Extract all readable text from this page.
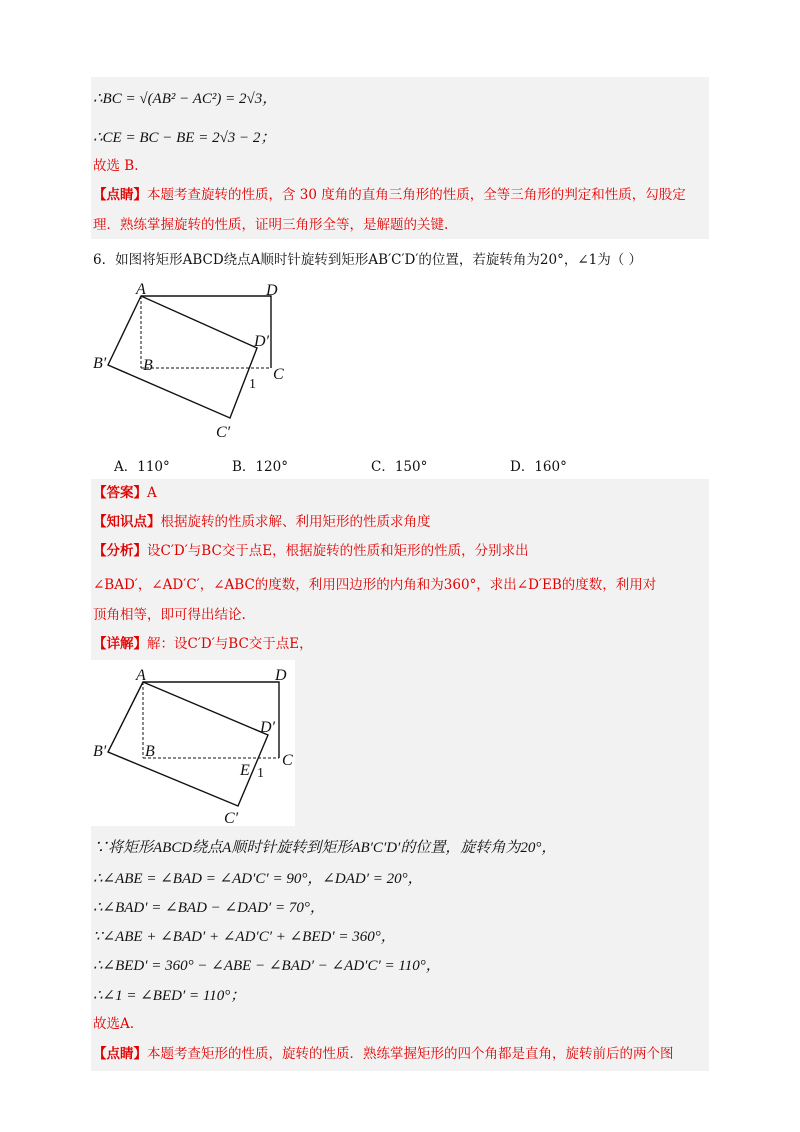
∴BC = √(AB² − AC²) = 2√3，
∴CE = BC − BE = 2√3 − 2；
故选 B.
【点睛】本题考查旋转的性质，含 30 度角的直角三角形的性质，全等三角形的判定和性质，勾股定
理．熟练掌握旋转的性质，证明三角形全等，是解题的关键.
6．如图将矩形ABCD绕点A顺时针旋转到矩形AB′C′D′的位置，若旋转角为20°，∠1为（ ）
A	D
D′
B′ B
C
1
C′
A．110°	B．120°	C．150°	D．160°
【答案】A
【知识点】根据旋转的性质求解、利用矩形的性质求角度
【分析】设C′D′与BC交于点E，根据旋转的性质和矩形的性质，分别求出
∠BAD′，∠AD′C′，∠ABC的度数，利用四边形的内角和为360°，求出∠D′EB的度数，利用对
顶角相等，即可得出结论.
【详解】解：设C′D′与BC交于点E，
A	D
D′
B′ B
C
E 1
C′
∵将矩形ABCD绕点A顺时针旋转到矩形AB′C′D′的位置，旋转角为20°，
∴∠ABE = ∠BAD = ∠AD′C′ = 90°，∠DAD′ = 20°，
∴∠BAD′ = ∠BAD − ∠DAD′ = 70°，
∵∠ABE + ∠BAD′ + ∠AD′C′ + ∠BED′ = 360°，
∴∠BED′ = 360° − ∠ABE − ∠BAD′ − ∠AD′C′ = 110°，
∴∠1 = ∠BED′ = 110°；
故选A.
【点睛】本题考查矩形的性质，旋转的性质．熟练掌握矩形的四个角都是直角，旋转前后的两个图
